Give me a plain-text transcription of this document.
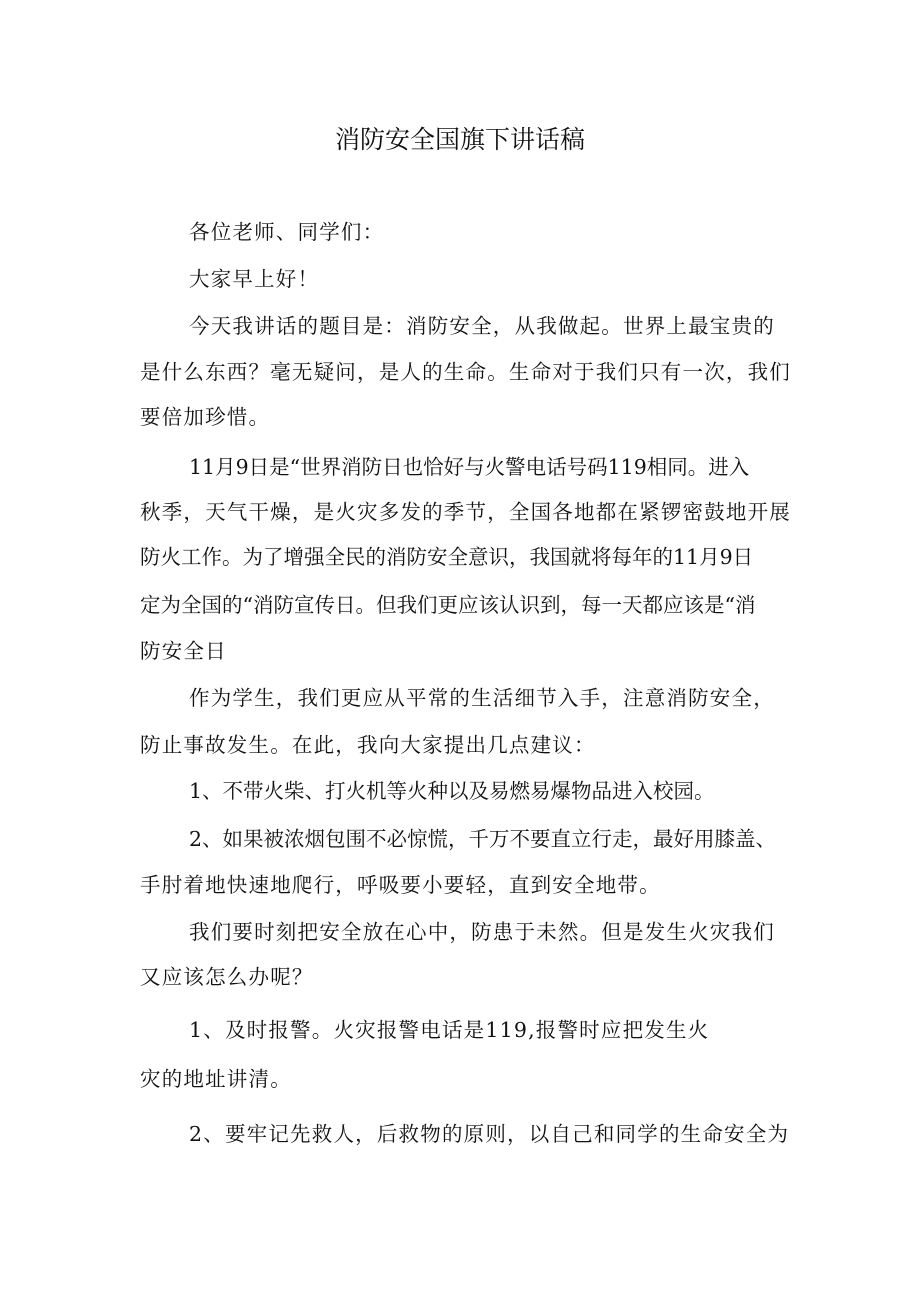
消防安全国旗下讲话稿

各位老师、同学们：

大家早上好！

今天我讲话的题目是：消防安全，从我做起。世界上最宝贵的

是什么东西？毫无疑问，是人的生命。生命对于我们只有一次，我们

要倍加珍惜。

11月9日是“世界消防日也恰好与火警电话号码119相同。进入

秋季，天气干燥，是火灾多发的季节，全国各地都在紧锣密鼓地开展

防火工作。为了增强全民的消防安全意识，我国就将每年的11月9日

定为全国的“消防宣传日。但我们更应该认识到，每一天都应该是“消

防安全日

作为学生，我们更应从平常的生活细节入手，注意消防安全，

防止事故发生。在此，我向大家提出几点建议：

1、不带火柴、打火机等火种以及易燃易爆物品进入校园。

2、如果被浓烟包围不必惊慌，千万不要直立行走，最好用膝盖、

手肘着地快速地爬行，呼吸要小要轻，直到安全地带。

我们要时刻把安全放在心中，防患于未然。但是发生火灾我们

又应该怎么办呢？

1、及时报警。火灾报警电话是119,报警时应把发生火

灾的地址讲清。

2、要牢记先救人，后救物的原则，以自己和同学的生命安全为
